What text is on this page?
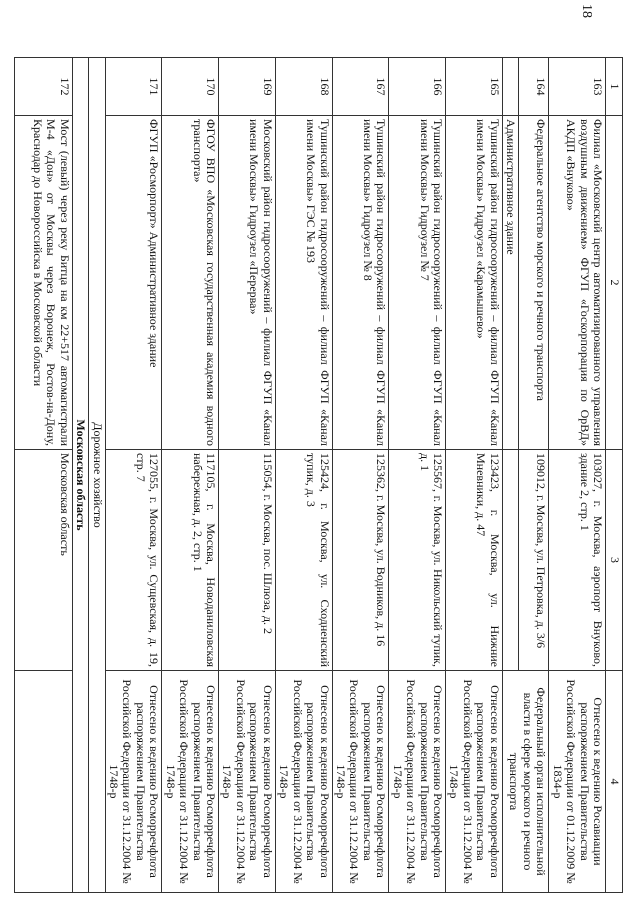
18
1	2	3	4
163	Филиал «Московский центр автоматизированного управления воздушным движением» ФГУП «Госкорпорация по ОрВД» АКДП «Внуково»	103027, г. Москва, аэропорт Внуково, здание 2, стр. 1	Отнесено к ведению Росавиации распоряжением Правительства Российской Федерации от 01.12.2009 № 1834-р
164	Федеральное агентство морского и речного транспорта	109012, г. Москва, ул. Петровка, д. 3/6	Федеральный орган исполнительной власти в сфере морского и речного транспорта
	Административное здание		
165	Тушинский район гидросооружений – филиал ФГУП «Канал имени Москвы» Гидроузел «Карамышево»	123423, г. Москва, ул. Нижние Мневники, д. 47	Отнесено к ведению Росморречфлота распоряжением Правительства Российской Федерации от 31.12.2004 № 1748-р
166	Тушинский район гидросооружений – филиал ФГУП «Канал имени Москвы» Гидроузел № 7	125567, г. Москва, ул. Никольский тупик, д. 1	Отнесено к ведению Росморречфлота распоряжением Правительства Российской Федерации от 31.12.2004 № 1748-р
167	Тушинский район гидросооружений – филиал ФГУП «Канал имени Москвы» Гидроузел № 8	125362, г. Москва, ул. Водников, д. 16	Отнесено к ведению Росморречфлота распоряжением Правительства Российской Федерации от 31.12.2004 № 1748-р
168	Тушинский район гидросооружений – филиал ФГУП «Канал имени Москвы» ГЭС № 193	125424, г. Москва, ул. Сходненский тупик, д. 3	Отнесено к ведению Росморречфлота распоряжением Правительства Российской Федерации от 31.12.2004 № 1748-р
169	Московский район гидросооружений – филиал ФГУП «Канал имени Москвы» Гидроузел «Перерва»	115054, г. Москва, пос. Шлюза, д. 2	Отнесено к ведению Росморречфлота распоряжением Правительства Российской Федерации от 31.12.2004 № 1748-р
170	ФГОУ ВПО «Московская государственная академия водного транспорта»	117105, г. Москва, Новоданиловская набережная, д. 2, стр. 1	Отнесено к ведению Росморречфлота распоряжением Правительства Российской Федерации от 31.12.2004 № 1748-р
171	ФГУП «Росморпорт» Административное здание	127055, г. Москва, ул. Сущевская, д. 19, стр. 7	Отнесено к ведению Росморречфлота распоряжением Правительства Российской Федерации от 31.12.2004 № 1748-р
Дорожное хозяйство			
Московская область			
172	Мост (левый) через реку Битца на км 22+517 автомагистрали М-4 «Дон» от Москвы через Воронеж, Ростов-на-Дону, Краснодар до Новороссийска в Московской области	Московская область	
